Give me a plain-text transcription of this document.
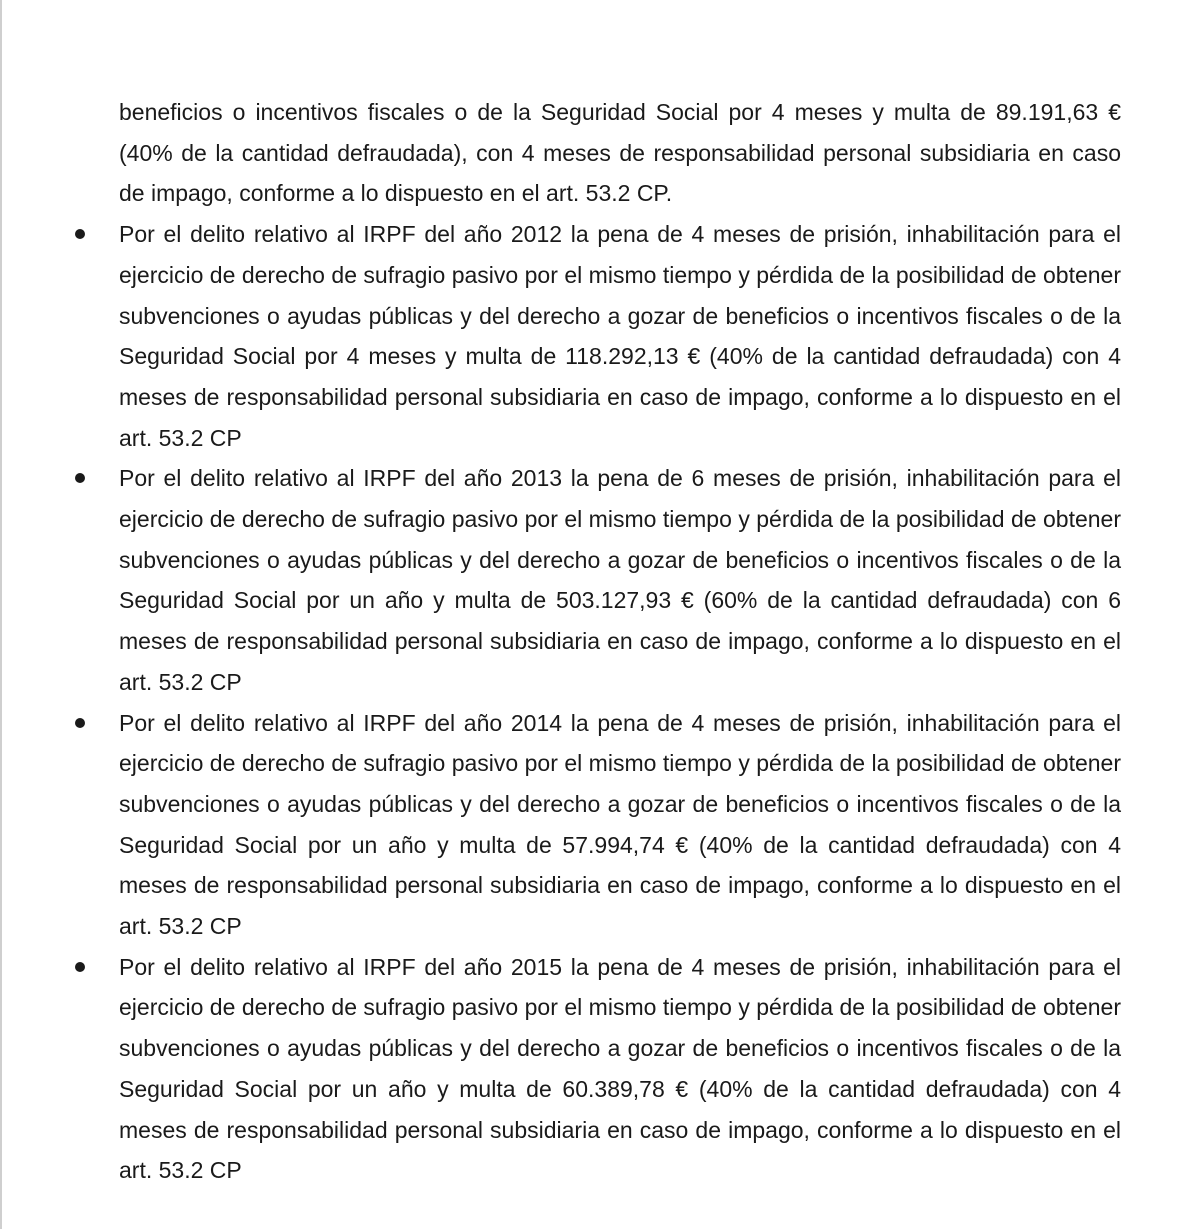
beneficios o incentivos fiscales o de la Seguridad Social por 4 meses y multa de 89.191,63 € (40% de la cantidad defraudada), con 4 meses de responsabilidad personal subsidiaria en caso de impago, conforme a lo dispuesto en el art. 53.2 CP.

Por el delito relativo al IRPF del año 2012 la pena de 4 meses de prisión, inhabilitación para el ejercicio de derecho de sufragio pasivo por el mismo tiempo y pérdida de la posibilidad de obtener subvenciones o ayudas públicas y del derecho a gozar de beneficios o incentivos fiscales o de la Seguridad Social por 4 meses y multa de 118.292,13 € (40% de la cantidad defraudada) con 4 meses de responsabilidad personal subsidiaria en caso de impago, conforme a lo dispuesto en el art. 53.2 CP
Por el delito relativo al IRPF del año 2013 la pena de 6 meses de prisión, inhabilitación para el ejercicio de derecho de sufragio pasivo por el mismo tiempo y pérdida de la posibilidad de obtener subvenciones o ayudas públicas y del derecho a gozar de beneficios o incentivos fiscales o de la Seguridad Social por un año y multa de 503.127,93 € (60% de la cantidad defraudada) con 6 meses de responsabilidad personal subsidiaria en caso de impago, conforme a lo dispuesto en el art. 53.2 CP
Por el delito relativo al IRPF del año 2014 la pena de 4 meses de prisión, inhabilitación para el ejercicio de derecho de sufragio pasivo por el mismo tiempo y pérdida de la posibilidad de obtener subvenciones o ayudas públicas y del derecho a gozar de beneficios o incentivos fiscales o de la Seguridad Social por un año y multa de 57.994,74 € (40% de la cantidad defraudada) con 4 meses de responsabilidad personal subsidiaria en caso de impago, conforme a lo dispuesto en el art. 53.2 CP
Por el delito relativo al IRPF del año 2015 la pena de 4 meses de prisión, inhabilitación para el ejercicio de derecho de sufragio pasivo por el mismo tiempo y pérdida de la posibilidad de obtener subvenciones o ayudas públicas y del derecho a gozar de beneficios o incentivos fiscales o de la Seguridad Social por un año y multa de 60.389,78 € (40% de la cantidad defraudada) con 4 meses de responsabilidad personal subsidiaria en caso de impago, conforme a lo dispuesto en el art. 53.2 CP
